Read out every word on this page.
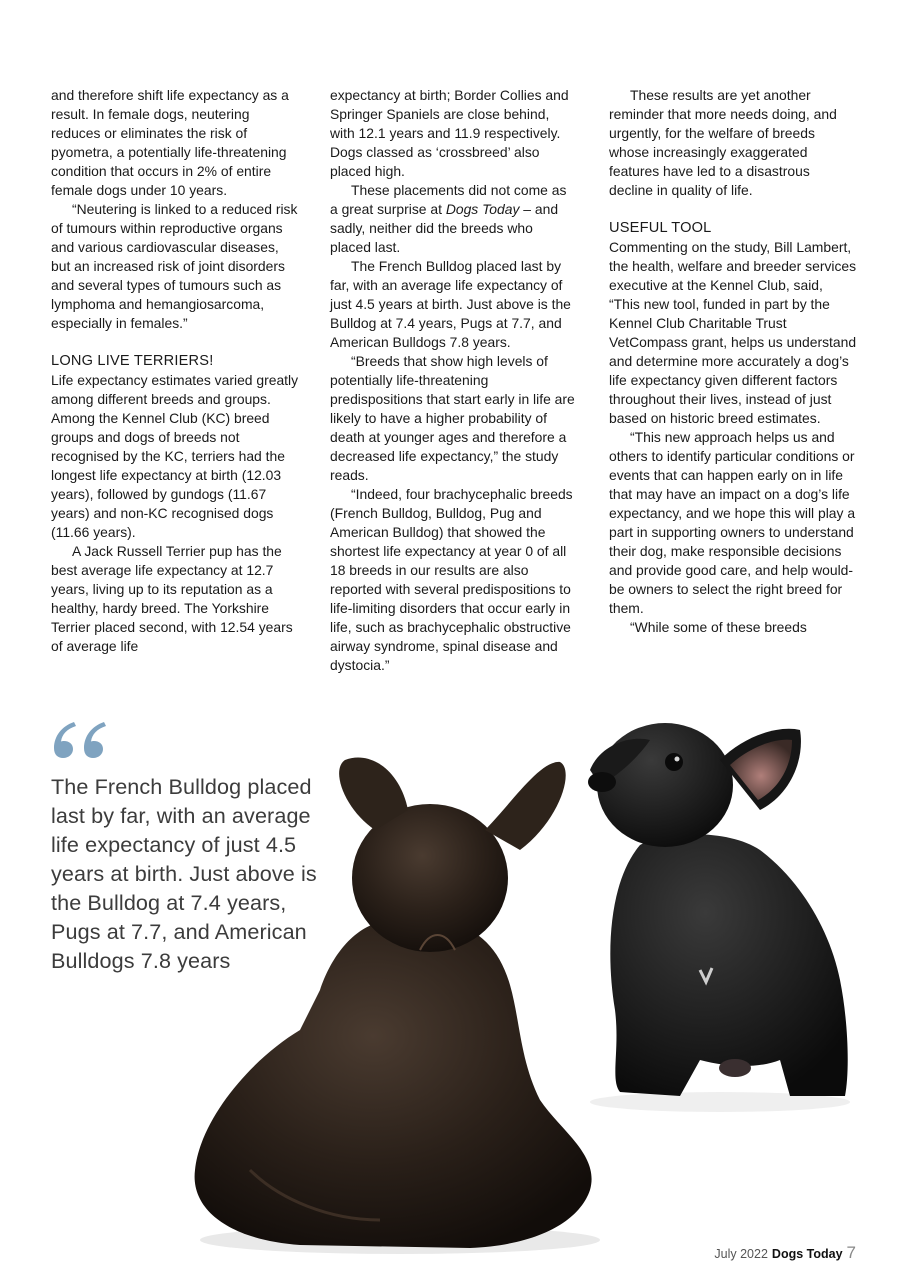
and therefore shift life expectancy as a result. In female dogs, neutering reduces or eliminates the risk of pyometra, a potentially life-threatening condition that occurs in 2% of entire female dogs under 10 years.

“Neutering is linked to a reduced risk of tumours within reproductive organs and various cardiovascular diseases, but an increased risk of joint disorders and several types of tumours such as lymphoma and hemangiosarcoma, especially in females.”

LONG LIVE TERRIERS!

Life expectancy estimates varied greatly among different breeds and groups. Among the Kennel Club (KC) breed groups and dogs of breeds not recognised by the KC, terriers had the longest life expectancy at birth (12.03 years), followed by gundogs (11.67 years) and non-KC recognised dogs (11.66 years).

A Jack Russell Terrier pup has the best average life expectancy at 12.7 years, living up to its reputation as a healthy, hardy breed. The Yorkshire Terrier placed second, with 12.54 years of average life

expectancy at birth; Border Collies and Springer Spaniels are close behind, with 12.1 years and 11.9 respectively. Dogs classed as ‘crossbreed’ also placed high.

These placements did not come as a great surprise at Dogs Today – and sadly, neither did the breeds who placed last.

The French Bulldog placed last by far, with an average life expectancy of just 4.5 years at birth. Just above is the Bulldog at 7.4 years, Pugs at 7.7, and American Bulldogs 7.8 years.

“Breeds that show high levels of potentially life-threatening predispositions that start early in life are likely to have a higher probability of death at younger ages and therefore a decreased life expectancy,” the study reads.

“Indeed, four brachycephalic breeds (French Bulldog, Bulldog, Pug and American Bulldog) that showed the shortest life expectancy at year 0 of all 18 breeds in our results are also reported with several predispositions to life-limiting disorders that occur early in life, such as brachycephalic obstructive airway syndrome, spinal disease and dystocia.”

These results are yet another reminder that more needs doing, and urgently, for the welfare of breeds whose increasingly exaggerated features have led to a disastrous decline in quality of life.

USEFUL TOOL

Commenting on the study, Bill Lambert, the health, welfare and breeder services executive at the Kennel Club, said, “This new tool, funded in part by the Kennel Club Charitable Trust VetCompass grant, helps us understand and determine more accurately a dog’s life expectancy given different factors throughout their lives, instead of just based on historic breed estimates.

“This new approach helps us and others to identify particular conditions or events that can happen early on in life that may have an impact on a dog’s life expectancy, and we hope this will play a part in supporting owners to understand their dog, make responsible decisions and provide good care, and help would-be owners to select the right breed for them.

“While some of these breeds

The French Bulldog placed last by far, with an average life expectancy of just 4.5 years at birth. Just above is the Bulldog at 7.4 years, Pugs at 7.7, and American Bulldogs 7.8 years

July 2022 Dogs Today 7
